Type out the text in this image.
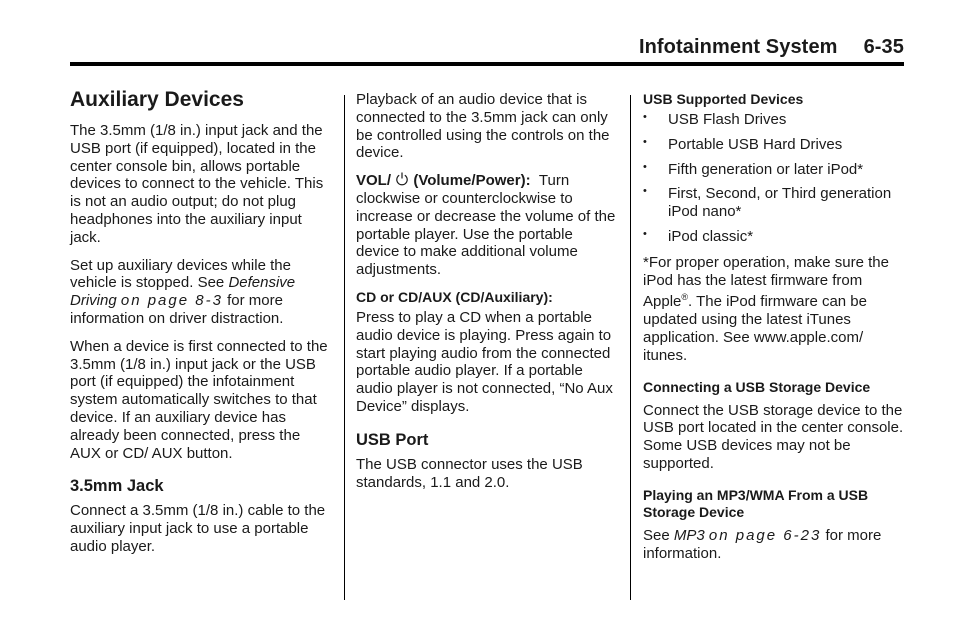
Infotainment System 6-35
Auxiliary Devices

The 3.5mm (1/8 in.) input jack and the USB port (if equipped), located in the center console bin, allows portable devices to connect to the vehicle. This is not an audio output; do not plug headphones into the auxiliary input jack.

Set up auxiliary devices while the vehicle is stopped. See Defensive Driving on page 8-3 for more information on driver distraction.

When a device is first connected to the 3.5mm (1/8 in.) input jack or the USB port (if equipped) the infotainment system automatically switches to that device. If an auxiliary device has already been connected, press the AUX or CD/ AUX button.

3.5mm Jack

Connect a 3.5mm (1/8 in.) cable to the auxiliary input jack to use a portable audio player.

Playback of an audio device that is connected to the 3.5mm jack can only be controlled using the controls on the device.

VOL/  (Volume/Power): Turn clockwise or counterclockwise to increase or decrease the volume of the portable player. Use the portable device to make additional volume adjustments.

CD or CD/AUX (CD/Auxiliary):
Press to play a CD when a portable audio device is playing. Press again to start playing audio from the connected portable audio player. If a portable audio player is not connected, “No Aux Device” displays.

USB Port

The USB connector uses the USB standards, 1.1 and 2.0.

USB Supported Devices
• USB Flash Drives
• Portable USB Hard Drives
• Fifth generation or later iPod*
• First, Second, or Third generation iPod nano*
• iPod classic*

*For proper operation, make sure the iPod has the latest firmware from Apple®. The iPod firmware can be updated using the latest iTunes application. See www.apple.com/ itunes.

Connecting a USB Storage Device

Connect the USB storage device to the USB port located in the center console. Some USB devices may not be supported.

Playing an MP3/WMA From a USB Storage Device

See MP3 on page 6-23 for more information.
